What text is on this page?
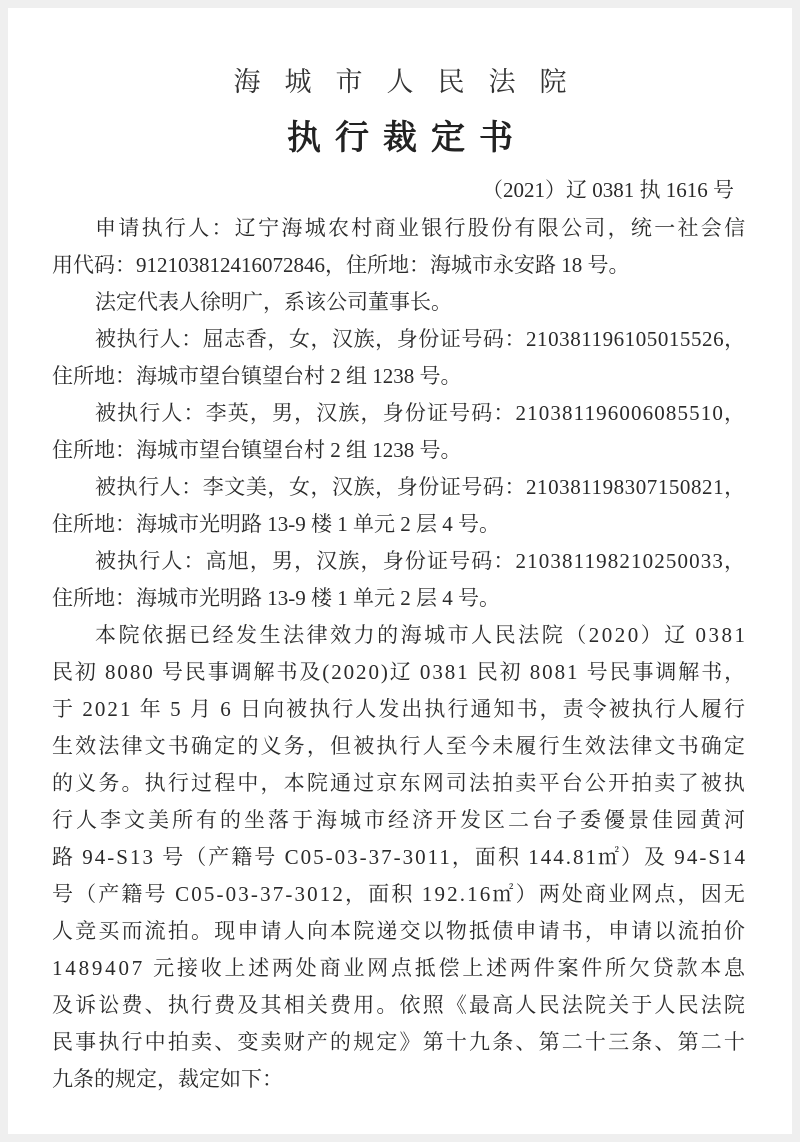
海城市人民法院
执行裁定书
（2021）辽 0381 执 1616 号
申请执行人：辽宁海城农村商业银行股份有限公司，统一社会信
用代码：912103812416072846，住所地：海城市永安路 18 号。
法定代表人徐明广，系该公司董事长。
被执行人：屈志香，女，汉族，身份证号码：210381196105015526，
住所地：海城市望台镇望台村 2 组 1238 号。
被执行人：李英，男，汉族，身份证号码：210381196006085510，
住所地：海城市望台镇望台村 2 组 1238 号。
被执行人：李文美，女，汉族，身份证号码：210381198307150821，
住所地：海城市光明路 13-9 楼 1 单元 2 层 4 号。
被执行人：高旭，男，汉族，身份证号码：210381198210250033，
住所地：海城市光明路 13-9 楼 1 单元 2 层 4 号。
本院依据已经发生法律效力的海城市人民法院（2020）辽 0381
民初 8080 号民事调解书及(2020)辽 0381 民初 8081 号民事调解书，
于 2021 年 5 月 6 日向被执行人发出执行通知书，责令被执行人履行
生效法律文书确定的义务，但被执行人至今未履行生效法律文书确定
的义务。执行过程中，本院通过京东网司法拍卖平台公开拍卖了被执
行人李文美所有的坐落于海城市经济开发区二台子委優景佳园黄河
路 94-S13 号（产籍号 C05-03-37-3011，面积 144.81㎡）及 94-S14
号（产籍号 C05-03-37-3012，面积 192.16㎡）两处商业网点，因无
人竞买而流拍。现申请人向本院递交以物抵债申请书，申请以流拍价
1489407 元接收上述两处商业网点抵偿上述两件案件所欠贷款本息
及诉讼费、执行费及其相关费用。依照《最高人民法院关于人民法院
民事执行中拍卖、变卖财产的规定》第十九条、第二十三条、第二十
九条的规定，裁定如下：
